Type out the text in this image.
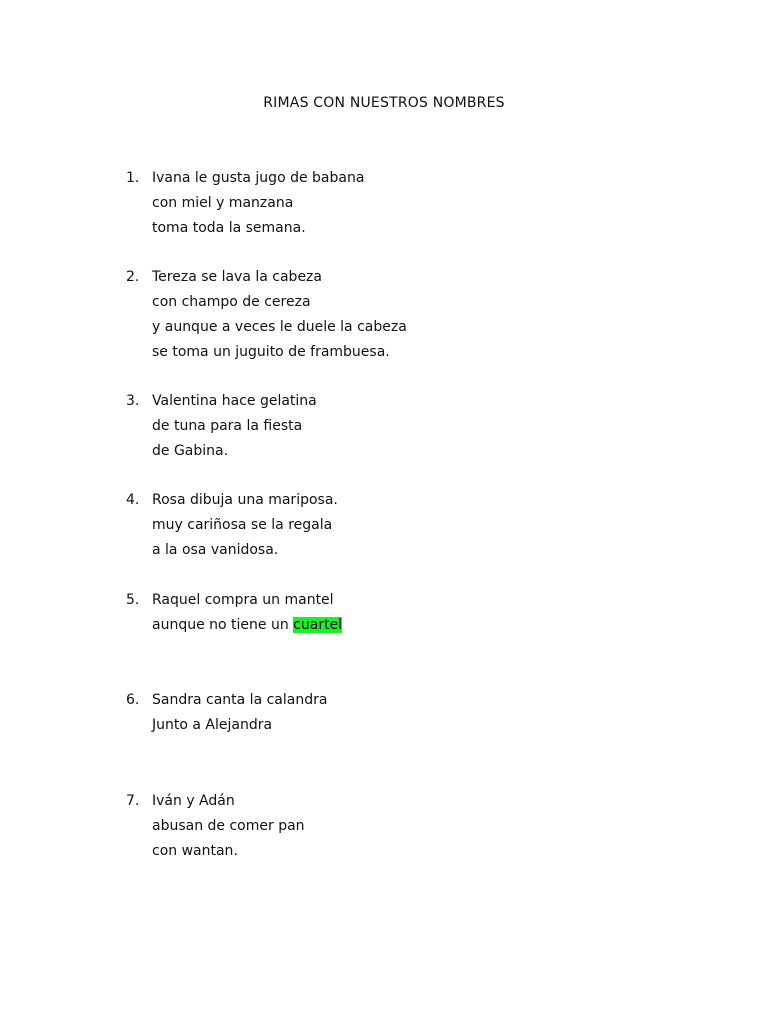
RIMAS CON NUESTROS NOMBRES
1. Ivana le gusta jugo de babana
con miel y manzana
toma toda la semana.
2. Tereza se lava la cabeza
con champo de cereza
y aunque a veces le duele la cabeza
se toma un juguito de frambuesa.
3. Valentina hace gelatina
de tuna para la fiesta
de Gabina.
4. Rosa dibuja una mariposa.
muy cariñosa se la regala
a la osa vanidosa.
5. Raquel compra un mantel
aunque no tiene un cuartel
6. Sandra canta la calandra
Junto a Alejandra
7. Iván y Adán
abusan de comer pan
con wantan.
